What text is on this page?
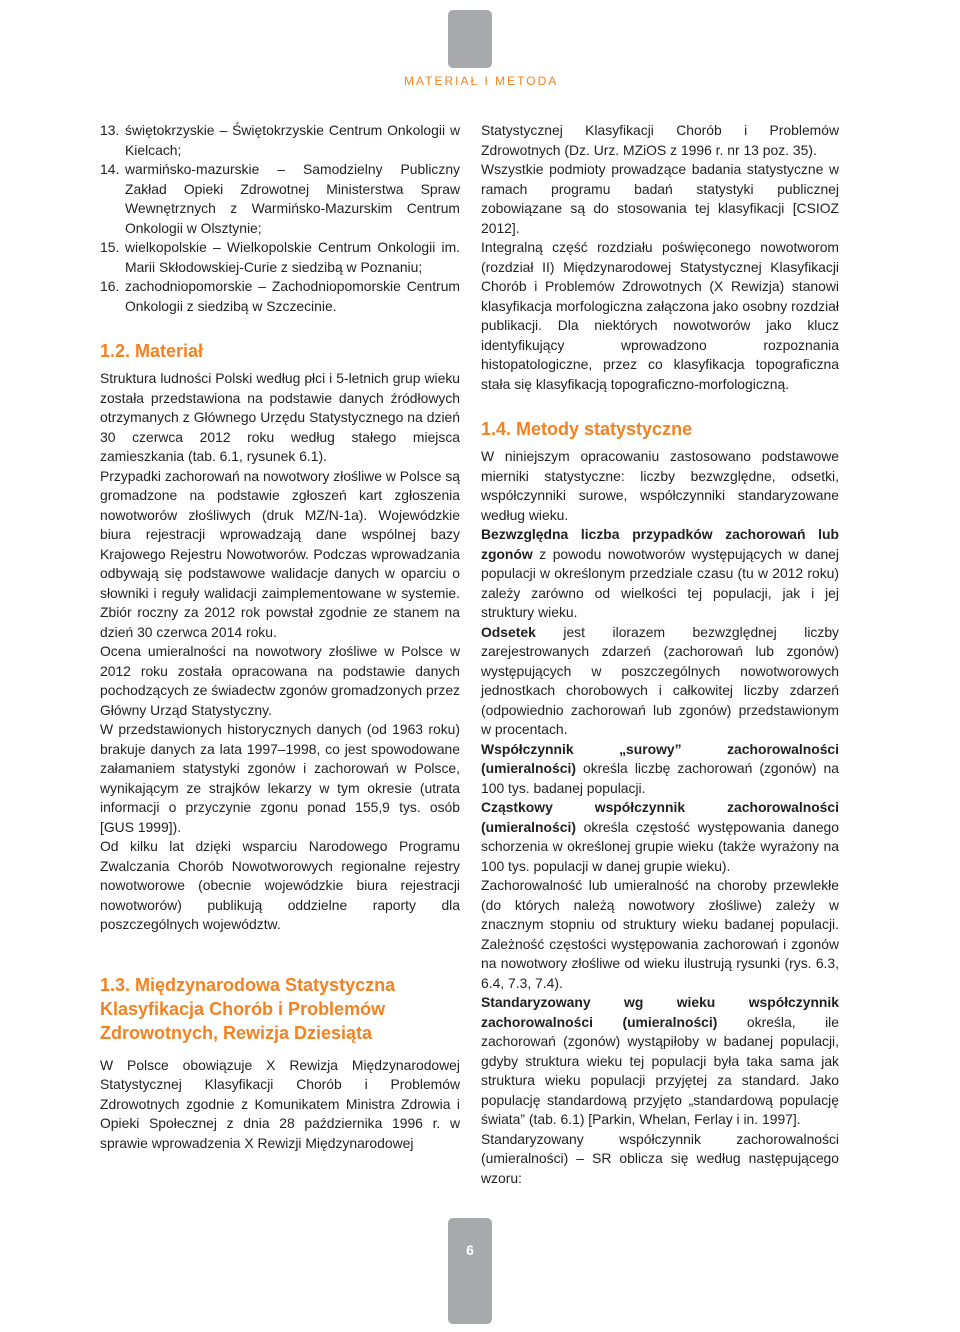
MATERIAŁ I METODA
13. świętokrzyskie – Świętokrzyskie Centrum Onkologii w Kielcach;
14. warmińsko-mazurskie – Samodzielny Publiczny Zakład Opieki Zdrowotnej Ministerstwa Spraw Wewnętrznych z Warmińsko-Mazurskim Centrum Onkologii w Olsztynie;
15. wielkopolskie – Wielkopolskie Centrum Onkologii im. Marii Skłodowskiej-Curie z siedzibą w Poznaniu;
16. zachodniopomorskie – Zachodniopomorskie Centrum Onkologii z siedzibą w Szczecinie.
1.2. Materiał

Struktura ludności Polski według płci i 5-letnich grup wieku została przedstawiona na podstawie danych źródłowych otrzymanych z Głównego Urzędu Statystycznego na dzień 30 czerwca 2012 roku według stałego miejsca zamieszkania (tab. 6.1, rysunek 6.1).

Przypadki zachorowań na nowotwory złośliwe w Polsce są gromadzone na podstawie zgłoszeń kart zgłoszenia nowotworów złośliwych (druk MZ/N-1a). Wojewódzkie biura rejestracji wprowadzają dane wspólnej bazy Krajowego Rejestru Nowotworów. Podczas wprowadzania odbywają się podstawowe walidacje danych w oparciu o słowniki i reguły walidacji zaimplementowane w systemie. Zbiór roczny za 2012 rok powstał zgodnie ze stanem na dzień 30 czerwca 2014 roku.

Ocena umieralności na nowotwory złośliwe w Polsce w 2012 roku została opracowana na podstawie danych pochodzących ze świadectw zgonów gromadzonych przez Główny Urząd Statystyczny.

W przedstawionych historycznych danych (od 1963 roku) brakuje danych za lata 1997–1998, co jest spowodowane załamaniem statystyki zgonów i zachorowań w Polsce, wynikającym ze strajków lekarzy w tym okresie (utrata informacji o przyczynie zgonu ponad 155,9 tys. osób [GUS 1999]).

Od kilku lat dzięki wsparciu Narodowego Programu Zwalczania Chorób Nowotworowych regionalne rejestry nowotworowe (obecnie wojewódzkie biura rejestracji nowotworów) publikują oddzielne raporty dla poszczególnych województw.

1.3. Międzynarodowa Statystyczna Klasyfikacja Chorób i Problemów Zdrowotnych, Rewizja Dziesiąta

W Polsce obowiązuje X Rewizja Międzynarodowej Statystycznej Klasyfikacji Chorób i Problemów Zdrowotnych zgodnie z Komunikatem Ministra Zdrowia i Opieki Społecznej z dnia 28 października 1996 r. w sprawie wprowadzenia X Rewizji Międzynarodowej

Statystycznej Klasyfikacji Chorób i Problemów Zdrowotnych (Dz. Urz. MZiOS z 1996 r. nr 13 poz. 35).

Wszystkie podmioty prowadzące badania statystyczne w ramach programu badań statystyki publicznej zobowiązane są do stosowania tej klasyfikacji [CSIOZ 2012].

Integralną część rozdziału poświęconego nowotworom (rozdział II) Międzynarodowej Statystycznej Klasyfikacji Chorób i Problemów Zdrowotnych (X Rewizja) stanowi klasyfikacja morfologiczna załączona jako osobny rozdział publikacji. Dla niektórych nowotworów jako klucz identyfikujący wprowadzono rozpoznania histopatologiczne, przez co klasyfikacja topograficzna stała się klasyfikacją topograficzno-morfologiczną.

1.4. Metody statystyczne

W niniejszym opracowaniu zastosowano podstawowe mierniki statystyczne: liczby bezwzględne, odsetki, współczynniki surowe, współczynniki standaryzowane według wieku.

Bezwzględna liczba przypadków zachorowań lub zgonów z powodu nowotworów występujących w danej populacji w określonym przedziale czasu (tu w 2012 roku) zależy zarówno od wielkości tej populacji, jak i jej struktury wieku.

Odsetek jest ilorazem bezwzględnej liczby zarejestrowanych zdarzeń (zachorowań lub zgonów) występujących w poszczególnych nowotworowych jednostkach chorobowych i całkowitej liczby zdarzeń (odpowiednio zachorowań lub zgonów) przedstawionym w procentach.

Współczynnik „surowy” zachorowalności (umieralności) określa liczbę zachorowań (zgonów) na 100 tys. badanej populacji.

Cząstkowy współczynnik zachorowalności (umieralności) określa częstość występowania danego schorzenia w określonej grupie wieku (także wyrażony na 100 tys. populacji w danej grupie wieku).

Zachorowalność lub umieralność na choroby przewlekłe (do których należą nowotwory złośliwe) zależy w znacznym stopniu od struktury wieku badanej populacji. Zależność częstości występowania zachorowań i zgonów na nowotwory złośliwe od wieku ilustrują rysunki (rys. 6.3, 6.4, 7.3, 7.4).

Standaryzowany wg wieku współczynnik zachorowalności (umieralności) określa, ile zachorowań (zgonów) wystąpiłoby w badanej populacji, gdyby struktura wieku tej populacji była taka sama jak struktura wieku populacji przyjętej za standard. Jako populację standardową przyjęto „standardową populację świata” (tab. 6.1) [Parkin, Whelan, Ferlay i in. 1997].

Standaryzowany współczynnik zachorowalności (umieralności) – SR oblicza się według następującego wzoru:

6
